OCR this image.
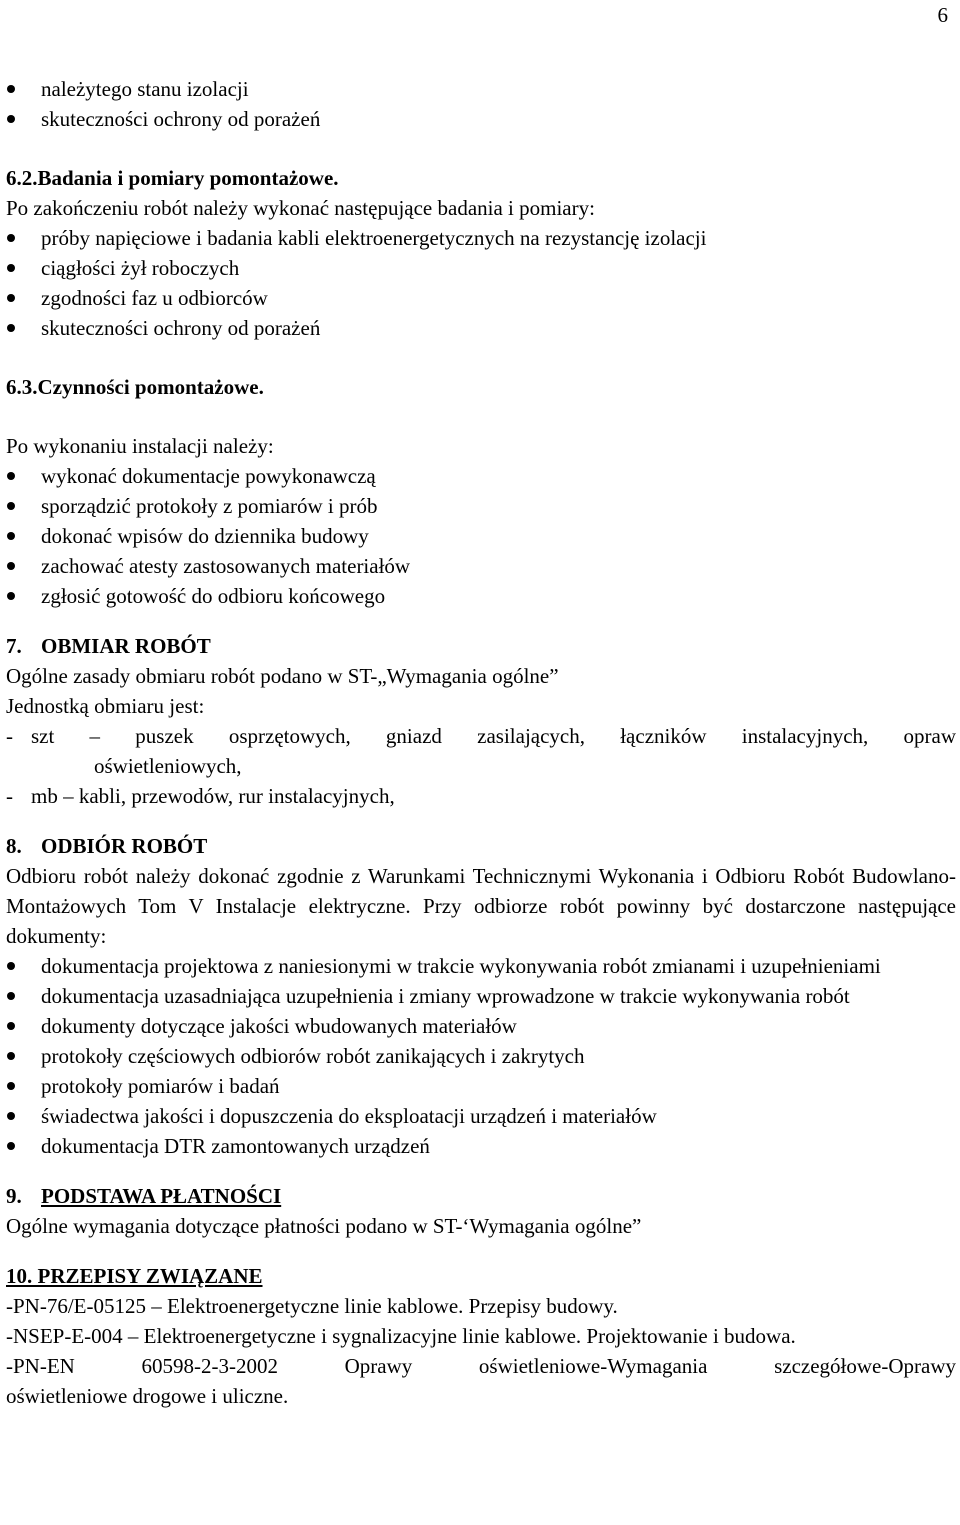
6
należytego stanu izolacji
skuteczności ochrony od porażeń

6.2.Badania i pomiary pomontażowe.

Po zakończeniu robót należy wykonać następujące badania i pomiary:

próby napięciowe i badania kabli elektroenergetycznych na rezystancję izolacji
ciągłości żył roboczych
zgodności faz u odbiorców
skuteczności ochrony od porażeń

6.3.Czynności pomontażowe.

Po wykonaniu instalacji należy:

wykonać dokumentacje powykonawczą
sporządzić protokoły z pomiarów i prób
dokonać wpisów do dziennika budowy
zachować atesty zastosowanych materiałów
zgłosić gotowość do odbioru końcowego

7. OBMIAR ROBÓT

Ogólne zasady obmiaru robót podano w ST-„Wymagania ogólne”

Jednostką obmiaru jest:

- szt – puszek osprzętowych, gniazd zasilających, łączników instalacyjnych, opraw

oświetleniowych,

- mb – kabli, przewodów, rur instalacyjnych,

8. ODBIÓR ROBÓT

Odbioru robót należy dokonać zgodnie z Warunkami Technicznymi Wykonania i Odbioru Robót Budowlano-Montażowych Tom V Instalacje elektryczne. Przy odbiorze robót powinny być dostarczone następujące dokumenty:

dokumentacja projektowa z naniesionymi w trakcie wykonywania robót zmianami i uzupełnieniami
dokumentacja uzasadniająca uzupełnienia i zmiany wprowadzone w trakcie wykonywania robót
dokumenty dotyczące jakości wbudowanych materiałów
protokoły częściowych odbiorów robót zanikających i zakrytych
protokoły pomiarów i badań
świadectwa jakości i dopuszczenia do eksploatacji urządzeń i materiałów
dokumentacja DTR zamontowanych urządzeń

9. PODSTAWA PŁATNOŚCI

Ogólne wymagania dotyczące płatności podano w ST-‘Wymagania ogólne”

10. PRZEPISY ZWIĄZANE

-PN-76/E-05125 – Elektroenergetyczne linie kablowe. Przepisy budowy.

-NSEP-E-004 – Elektroenergetyczne i sygnalizacyjne linie kablowe. Projektowanie i budowa.

-PN-EN 60598-2-3-2002 Oprawy oświetleniowe-Wymagania szczegółowe-Oprawy

oświetleniowe drogowe i uliczne.
